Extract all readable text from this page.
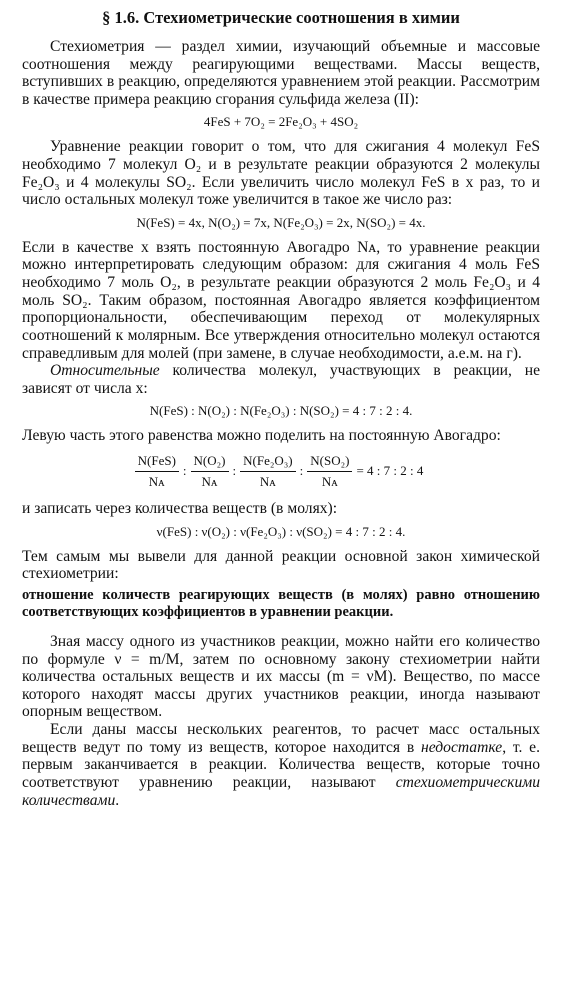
§ 1.6. Стехиометрические соотношения в химии

Стехиометрия — раздел химии, изучающий объемные и массовые соотношения между реагирующими веществами. Массы веществ, вступивших в реакцию, определяются уравнением этой реакции. Рассмотрим в качестве примера реакцию сгорания сульфида железа (II):

4FeS + 7O₂ = 2Fe₂O₃ + 4SO₂

Уравнение реакции говорит о том, что для сжигания 4 молекул FeS необходимо 7 молекул O₂ и в результате реакции образуются 2 молекулы Fe₂O₃ и 4 молекулы SO₂. Если увеличить число молекул FeS в x раз, то и число остальных молекул тоже увеличится в такое же число раз:

N(FeS) = 4x, N(O₂) = 7x, N(Fe₂O₃) = 2x, N(SO₂) = 4x.

Если в качестве x взять постоянную Авогадро Nᴀ, то уравнение реакции можно интерпретировать следующим образом: для сжигания 4 моль FeS необходимо 7 моль O₂, в результате реакции образуются 2 моль Fe₂O₃ и 4 моль SO₂. Таким образом, постоянная Авогадро является коэффициентом пропорциональности, обеспечивающим переход от молекулярных соотношений к молярным. Все утверждения относительно молекул остаются справедливым для молей (при замене, в случае необходимости, а.е.м. на г).

Относительные количества молекул, участвующих в реакции, не зависят от числа x:

N(FeS) : N(O₂) : N(Fe₂O₃) : N(SO₂) = 4 : 7 : 2 : 4.

Левую часть этого равенства можно поделить на постоянную Авогадро:

$\frac{\text{N(FeS)}}{\text{Nᴀ}}$ : $\frac{\text{N(O₂)}}{\text{Nᴀ}}$ : $\frac{\text{N(Fe₂O₃)}}{\text{Nᴀ}}$ : $\frac{\text{N(SO₂)}}{\text{Nᴀ}} = 4$ : 7 : 2 : 4

и записать через количества веществ (в молях):

ν(FeS) : ν(O₂) : ν(Fe₂O₃) : ν(SO₂) = 4 : 7 : 2 : 4.

Тем самым мы вывели для данной реакции основной закон химической стехиометрии:

отношение количеств реагирующих веществ (в молях) равно отношению соответствующих коэффициентов в уравнении реакции.

Зная массу одного из участников реакции, можно найти его количество по формуле ν = m/M, затем по основному закону стехиометрии найти количества остальных веществ и их массы (m = νM). Вещество, по массе которого находят массы других участников реакции, иногда называют опорным веществом.

Если даны массы нескольких реагентов, то расчет масс остальных веществ ведут по тому из веществ, которое находится в недостатке, т. е. первым заканчивается в реакции. Количества веществ, которые точно соответствуют уравнению реакции, называют стехиометрическими количествами.
